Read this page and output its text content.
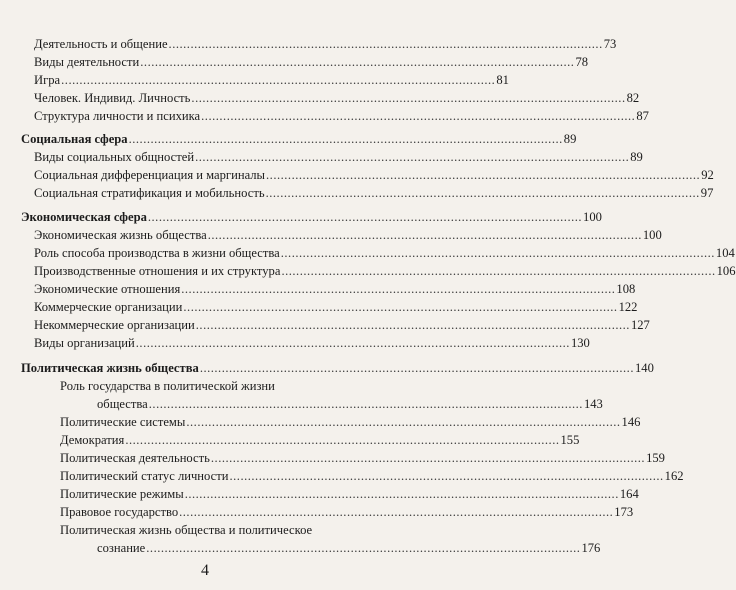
Деятельность и общение ....................................................................................................................... 73
Виды деятельности ....................................................................................................................... 78
Игра ....................................................................................................................... 81
Человек. Индивид. Личность ....................................................................................................................... 82
Структура личности и психика ....................................................................................................................... 87
Социальная сфера ....................................................................................................................... 89
Виды социальных общностей ....................................................................................................................... 89
Социальная дифференциация и маргиналы ....................................................................................................................... 92
Социальная стратификация и мобильность ....................................................................................................................... 97
Экономическая сфера ....................................................................................................................... 100
Экономическая жизнь общества ....................................................................................................................... 100
Роль способа производства в жизни общества ....................................................................................................................... 104
Производственные отношения и их структура ....................................................................................................................... 106
Экономические отношения ....................................................................................................................... 108
Коммерческие организации ....................................................................................................................... 122
Некоммерческие организации ....................................................................................................................... 127
Виды организаций ....................................................................................................................... 130
Политическая жизнь общества ....................................................................................................................... 140
Роль государства в политической жизни
общества ....................................................................................................................... 143
Политические системы ....................................................................................................................... 146
Демократия ....................................................................................................................... 155
Политическая деятельность ....................................................................................................................... 159
Политический статус личности ....................................................................................................................... 162
Политические режимы ....................................................................................................................... 164
Правовое государство ....................................................................................................................... 173
Политическая жизнь общества и политическое
сознание ....................................................................................................................... 176
4
